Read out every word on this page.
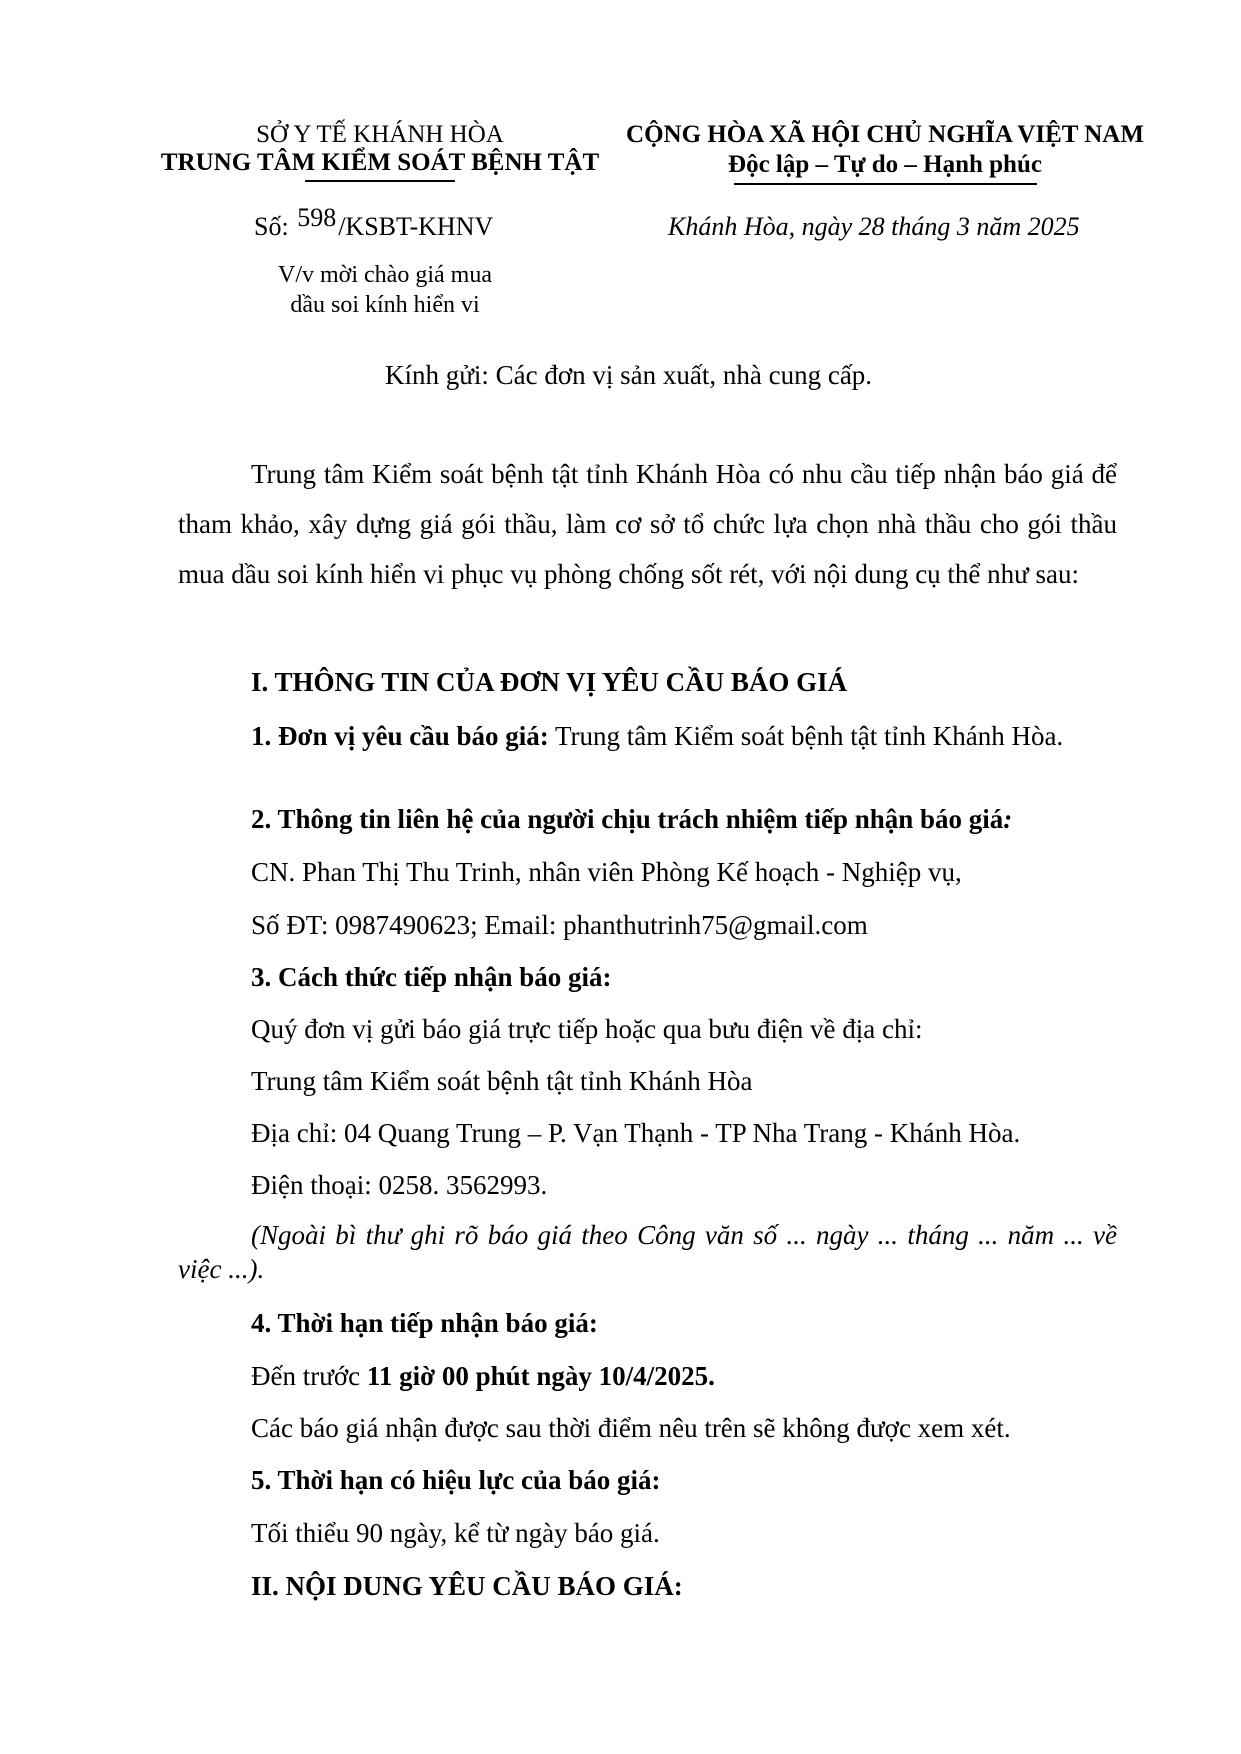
SỞ Y TẾ KHÁNH HÒA
TRUNG TÂM KIỂM SOÁT BỆNH TẬT
CỘNG HÒA XÃ HỘI CHỦ NGHĨA VIỆT NAM
Độc lập – Tự do – Hạnh phúc
Số: 598/KSBT-KHNV	Khánh Hòa, ngày 28 tháng 3 năm 2025
V/v mời chào giá mua
dầu soi kính hiển vi
Kính gửi: Các đơn vị sản xuất, nhà cung cấp.
Trung tâm Kiểm soát bệnh tật tỉnh Khánh Hòa có nhu cầu tiếp nhận báo giá để tham khảo, xây dựng giá gói thầu, làm cơ sở tổ chức lựa chọn nhà thầu cho gói thầu mua dầu soi kính hiển vi phục vụ phòng chống sốt rét, với nội dung cụ thể như sau:
I. THÔNG TIN CỦA ĐƠN VỊ YÊU CẦU BÁO GIÁ
1. Đơn vị yêu cầu báo giá: Trung tâm Kiểm soát bệnh tật tỉnh Khánh Hòa.
2. Thông tin liên hệ của người chịu trách nhiệm tiếp nhận báo giá:
CN. Phan Thị Thu Trinh, nhân viên Phòng Kế hoạch - Nghiệp vụ,
Số ĐT: 0987490623; Email: phanthutrinh75@gmail.com
3. Cách thức tiếp nhận báo giá:
Quý đơn vị gửi báo giá trực tiếp hoặc qua bưu điện về địa chỉ:
Trung tâm Kiểm soát bệnh tật tỉnh Khánh Hòa
Địa chỉ: 04 Quang Trung – P. Vạn Thạnh - TP Nha Trang - Khánh Hòa.
Điện thoại: 0258. 3562993.
(Ngoài bì thư ghi rõ báo giá theo Công văn số ... ngày ... tháng ... năm ... về việc ...).
4. Thời hạn tiếp nhận báo giá:
Đến trước 11 giờ 00 phút ngày 10/4/2025.
Các báo giá nhận được sau thời điểm nêu trên sẽ không được xem xét.
5. Thời hạn có hiệu lực của báo giá:
Tối thiểu 90 ngày, kể từ ngày báo giá.
II. NỘI DUNG YÊU CẦU BÁO GIÁ:
